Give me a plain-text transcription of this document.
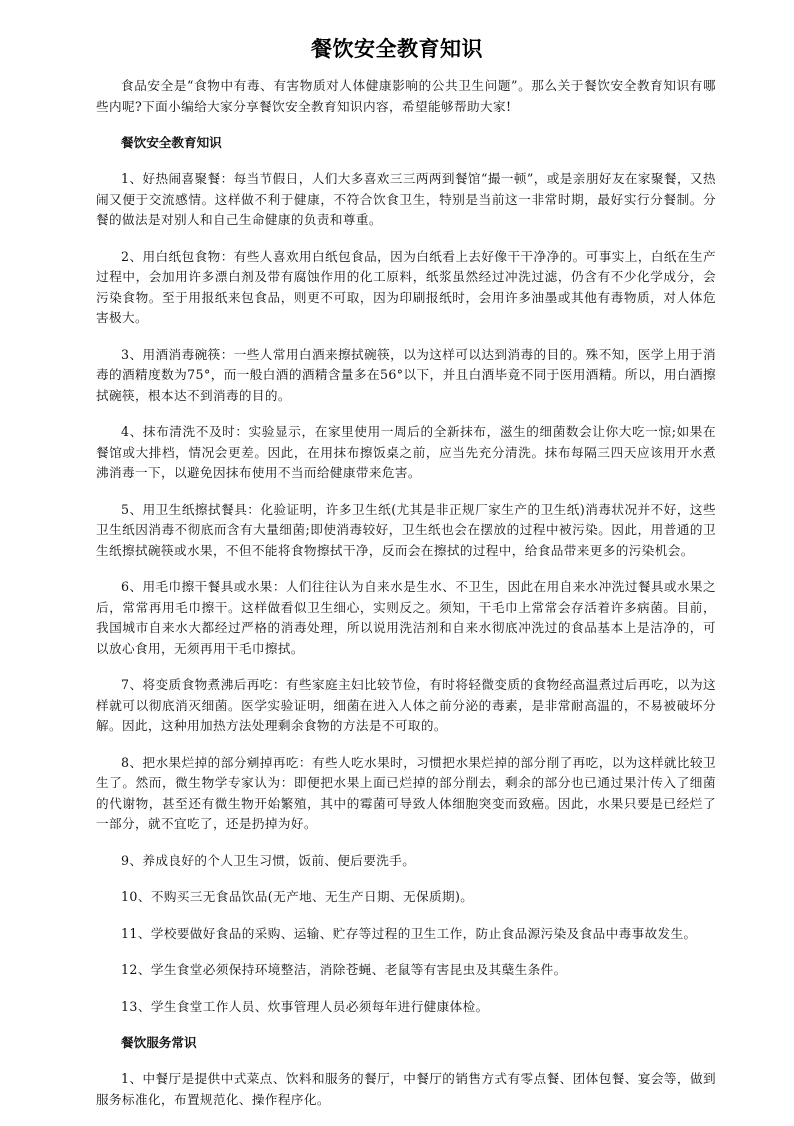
餐饮安全教育知识

食品安全是“食物中有毒、有害物质对人体健康影响的公共卫生问题”。那么关于餐饮安全教育知识有哪些内呢?下面小编给大家分享餐饮安全教育知识内容，希望能够帮助大家!

餐饮安全教育知识

1、好热闹喜聚餐：每当节假日，人们大多喜欢三三两两到餐馆“撮一顿”，或是亲朋好友在家聚餐，又热闹又便于交流感情。这样做不利于健康，不符合饮食卫生，特别是当前这一非常时期，最好实行分餐制。分餐的做法是对别人和自己生命健康的负责和尊重。

2、用白纸包食物：有些人喜欢用白纸包食品，因为白纸看上去好像干干净净的。可事实上，白纸在生产过程中，会加用许多漂白剂及带有腐蚀作用的化工原料，纸浆虽然经过冲洗过滤，仍含有不少化学成分，会污染食物。至于用报纸来包食品，则更不可取，因为印刷报纸时，会用许多油墨或其他有毒物质，对人体危害极大。

3、用酒消毒碗筷：一些人常用白酒来擦拭碗筷，以为这样可以达到消毒的目的。殊不知，医学上用于消毒的酒精度数为75°，而一般白酒的酒精含量多在56°以下，并且白酒毕竟不同于医用酒精。所以，用白酒擦拭碗筷，根本达不到消毒的目的。

4、抹布清洗不及时：实验显示，在家里使用一周后的全新抹布，滋生的细菌数会让你大吃一惊;如果在餐馆或大排档，情况会更差。因此，在用抹布擦饭桌之前，应当先充分清洗。抹布每隔三四天应该用开水煮沸消毒一下，以避免因抹布使用不当而给健康带来危害。

5、用卫生纸擦拭餐具：化验证明，许多卫生纸(尤其是非正规厂家生产的卫生纸)消毒状况并不好，这些卫生纸因消毒不彻底而含有大量细菌;即使消毒较好，卫生纸也会在摆放的过程中被污染。因此，用普通的卫生纸擦拭碗筷或水果，不但不能将食物擦拭干净，反而会在擦拭的过程中，给食品带来更多的污染机会。

6、用毛巾擦干餐具或水果：人们往往认为自来水是生水、不卫生，因此在用自来水冲洗过餐具或水果之后，常常再用毛巾擦干。这样做看似卫生细心，实则反之。须知，干毛巾上常常会存活着许多病菌。目前，我国城市自来水大都经过严格的消毒处理，所以说用洗洁剂和自来水彻底冲洗过的食品基本上是洁净的，可以放心食用，无须再用干毛巾擦拭。

7、将变质食物煮沸后再吃：有些家庭主妇比较节俭，有时将轻微变质的食物经高温煮过后再吃，以为这样就可以彻底消灭细菌。医学实验证明，细菌在进入人体之前分泌的毒素，是非常耐高温的，不易被破坏分解。因此，这种用加热方法处理剩余食物的方法是不可取的。

8、把水果烂掉的部分剜掉再吃：有些人吃水果时，习惯把水果烂掉的部分削了再吃，以为这样就比较卫生了。然而，微生物学专家认为：即便把水果上面已烂掉的部分削去，剩余的部分也已通过果汁传入了细菌的代谢物，甚至还有微生物开始繁殖，其中的霉菌可导致人体细胞突变而致癌。因此，水果只要是已经烂了一部分，就不宜吃了，还是扔掉为好。

9、养成良好的个人卫生习惯，饭前、便后要洗手。

10、不购买三无食品饮品(无产地、无生产日期、无保质期)。

11、学校要做好食品的采购、运输、贮存等过程的卫生工作，防止食品源污染及食品中毒事故发生。

12、学生食堂必须保持环境整洁，消除苍蝇、老鼠等有害昆虫及其蘖生条件。

13、学生食堂工作人员、炊事管理人员必须每年进行健康体检。

餐饮服务常识

1、中餐厅是提供中式菜点、饮料和服务的餐厅，中餐厅的销售方式有零点餐、团体包餐、宴会等，做到服务标准化，布置规范化、操作程序化。
